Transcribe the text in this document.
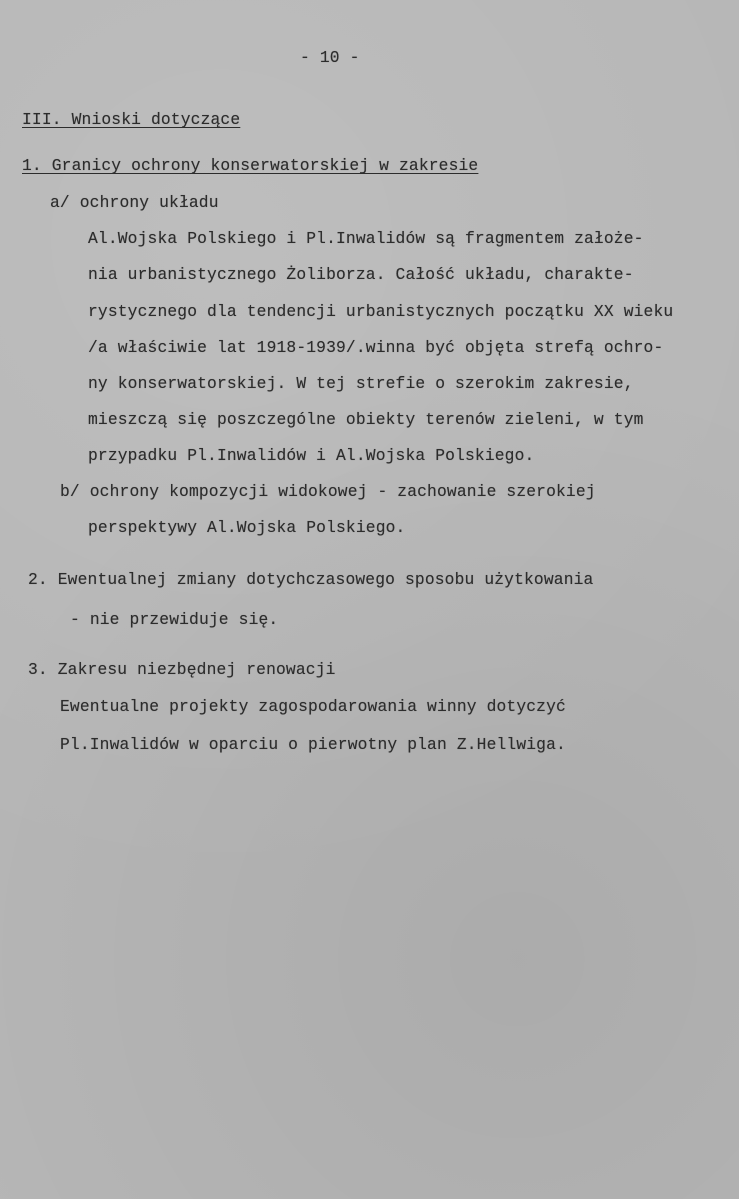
- 10 -
III. Wnioski dotyczące
1. Granicy ochrony konserwatorskiej w zakresie
a/ ochrony układu
Al.Wojska Polskiego i Pl.Inwalidów są fragmentem założe-
nia urbanistycznego Żoliborza. Całość układu, charakte-
rystycznego dla tendencji urbanistycznych początku XX wieku
/a właściwie lat 1918-1939/.winna być objęta strefą ochro-
ny konserwatorskiej. W tej strefie o szerokim zakresie,
mieszczą się poszczególne obiekty terenów zieleni, w tym
przypadku Pl.Inwalidów i Al.Wojska Polskiego.
b/ ochrony kompozycji widokowej - zachowanie szerokiej
perspektywy Al.Wojska Polskiego.
2. Ewentualnej zmiany dotychczasowego sposobu użytkowania
- nie przewiduje się.
3. Zakresu niezbędnej renowacji
Ewentualne projekty zagospodarowania winny dotyczyć
Pl.Inwalidów w oparciu o pierwotny plan Z.Hellwiga.
